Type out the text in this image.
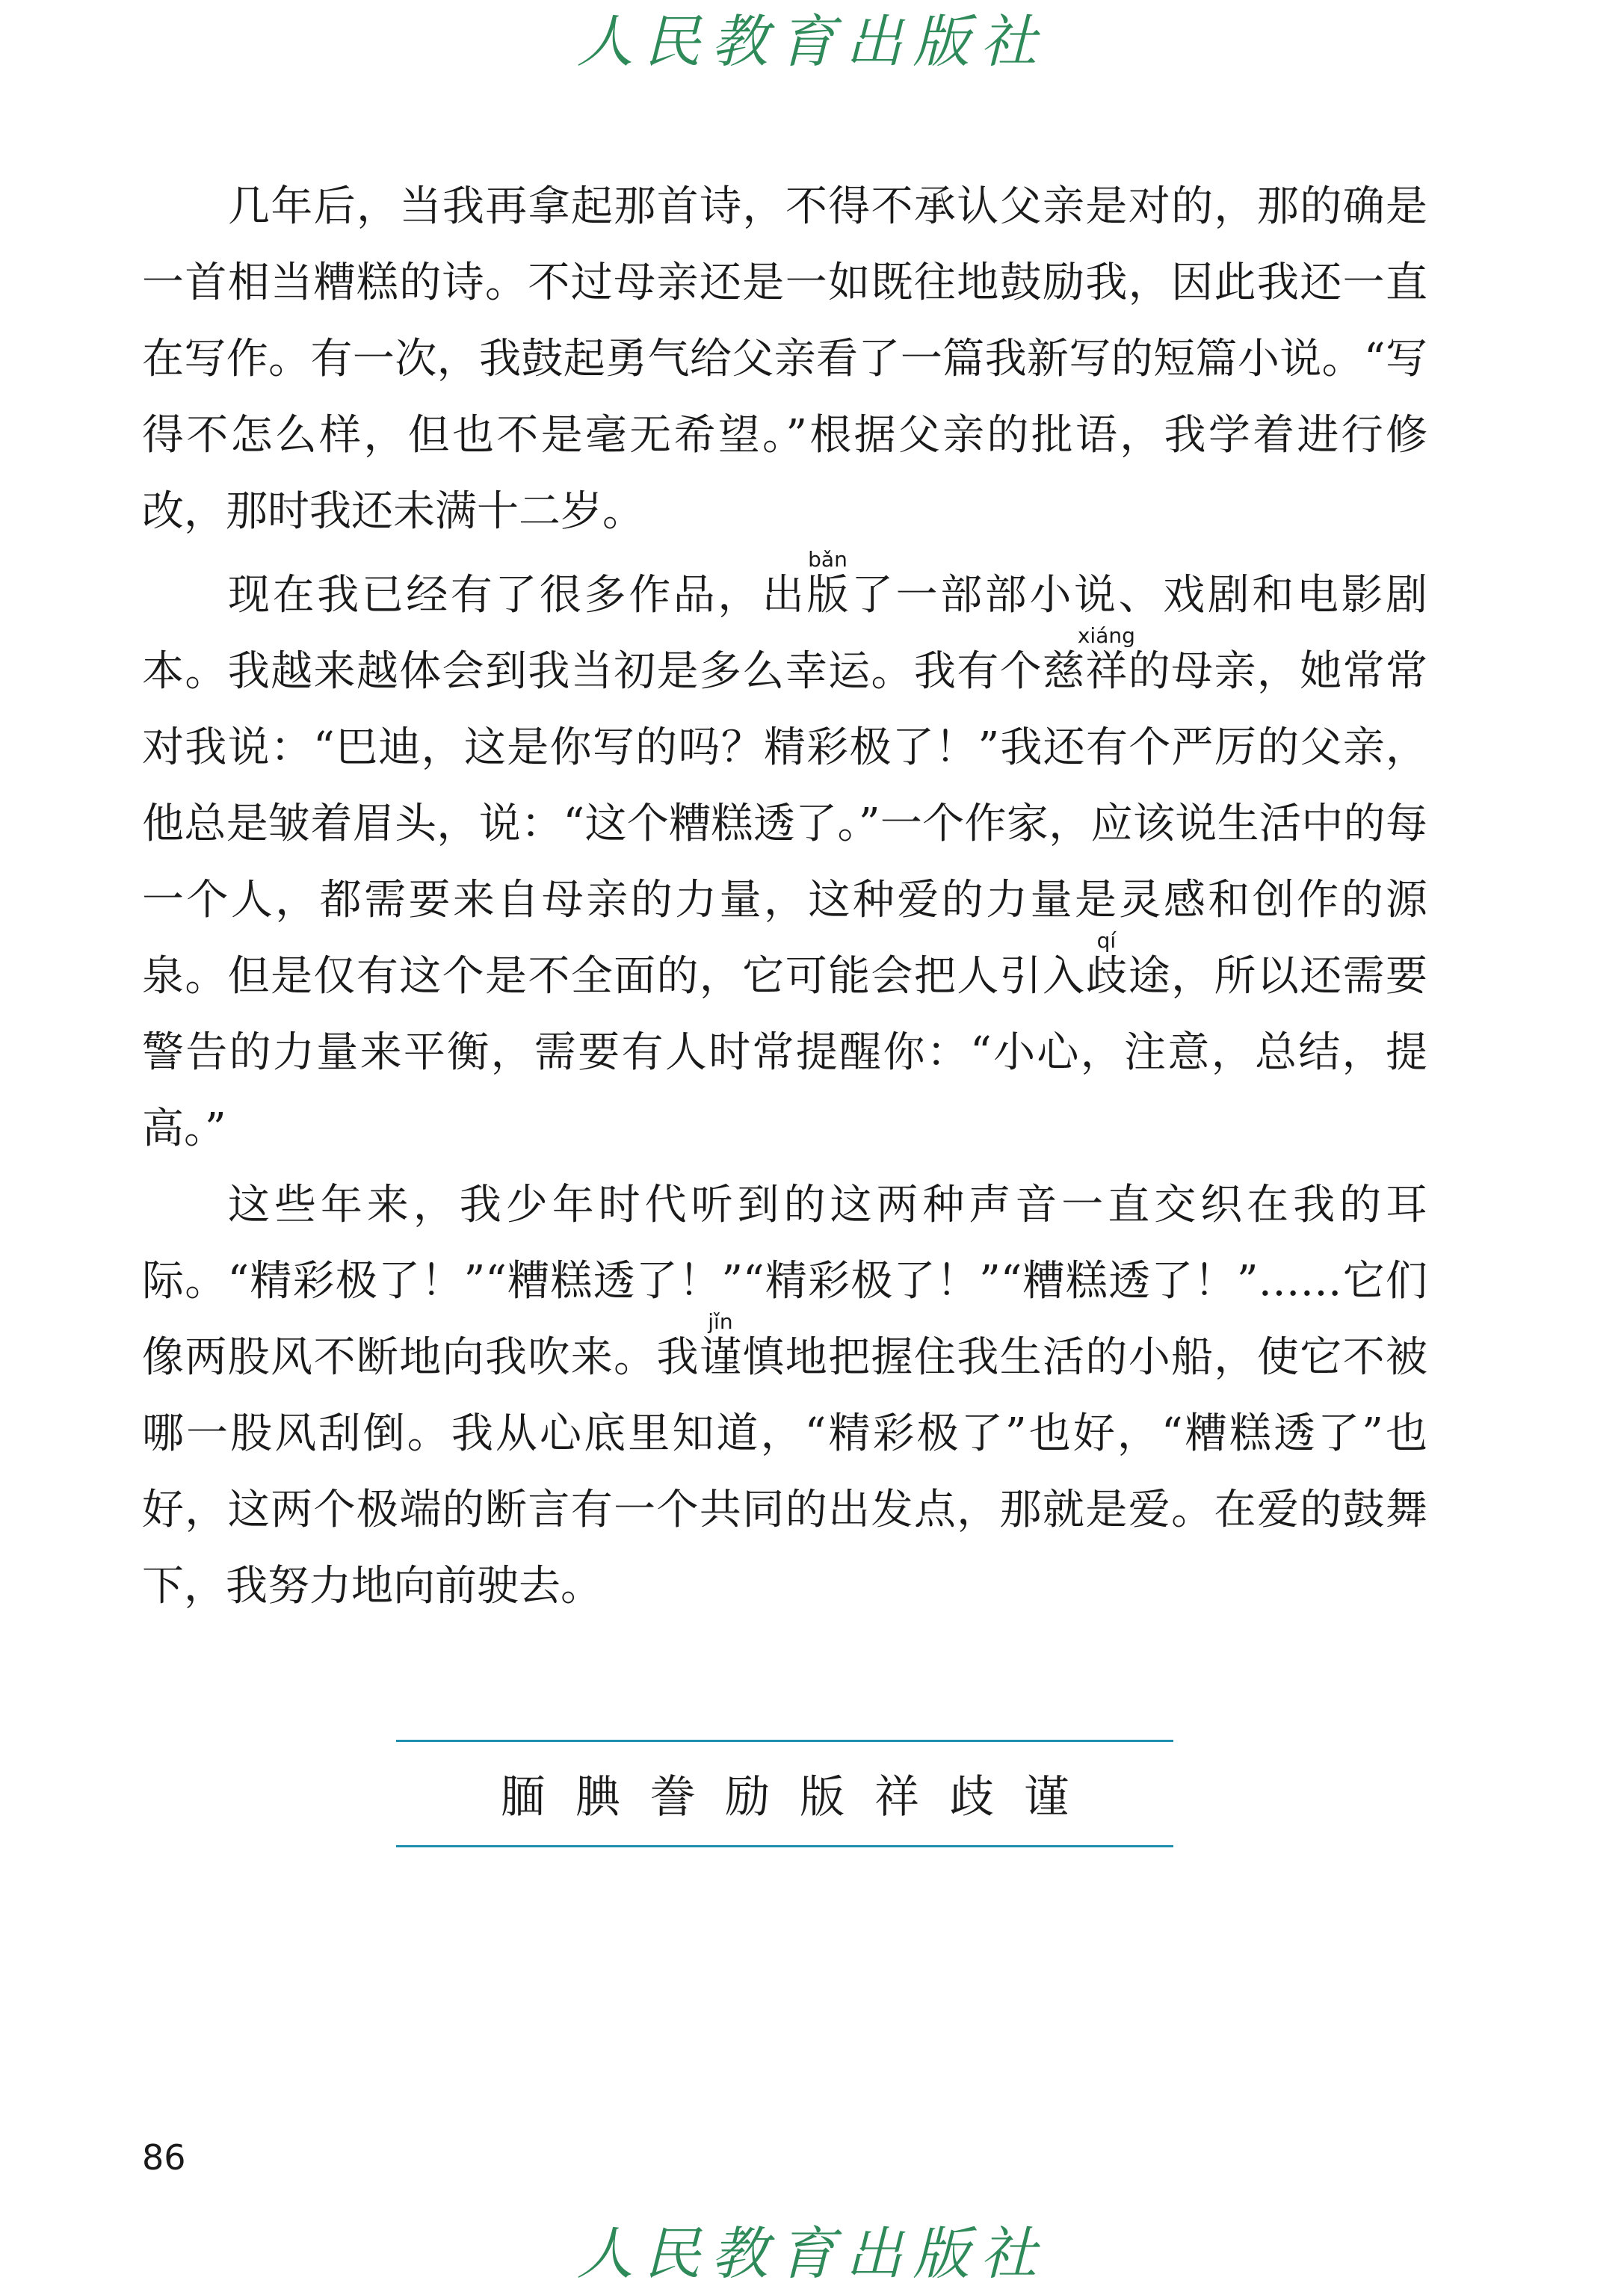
人民教育出版社

几年后，当我再拿起那首诗，不得不承认父亲是对的，那的确是一首相当糟糕的诗。不过母亲还是一如既往地鼓励我，因此我还一直在写作。有一次，我鼓起勇气给父亲看了一篇我新写的短篇小说。“写得不怎么样，但也不是毫无希望。”根据父亲的批语，我学着进行修改，那时我还未满十二岁。

现在我已经有了很多作品，出版bǎn了一部部小说、戏剧和电影剧本。我越来越体会到我当初是多么幸运。我有个慈祥xiáng的母亲，她常常对我说：“巴迪，这是你写的吗？精彩极了！”我还有个严厉的父亲，他总是皱着眉头，说：“这个糟糕透了。”一个作家，应该说生活中的每一个人，都需要来自母亲的力量，这种爱的力量是灵感和创作的源泉。但是仅有这个是不全面的，它可能会把人引入歧qí途，所以还需要警告的力量来平衡，需要有人时常提醒你：“小心，注意，总结，提高。”

这些年来，我少年时代听到的这两种声音一直交织在我的耳际。“精彩极了！”“糟糕透了！”“精彩极了！”“糟糕透了！”……它们像两股风不断地向我吹来。我谨jǐn慎地把握住我生活的小船，使它不被哪一股风刮倒。我从心底里知道，“精彩极了”也好，“糟糕透了”也好，这两个极端的断言有一个共同的出发点，那就是爱。在爱的鼓舞下，我努力地向前驶去。

腼腆誊励版祥歧谨
86
人民教育出版社
